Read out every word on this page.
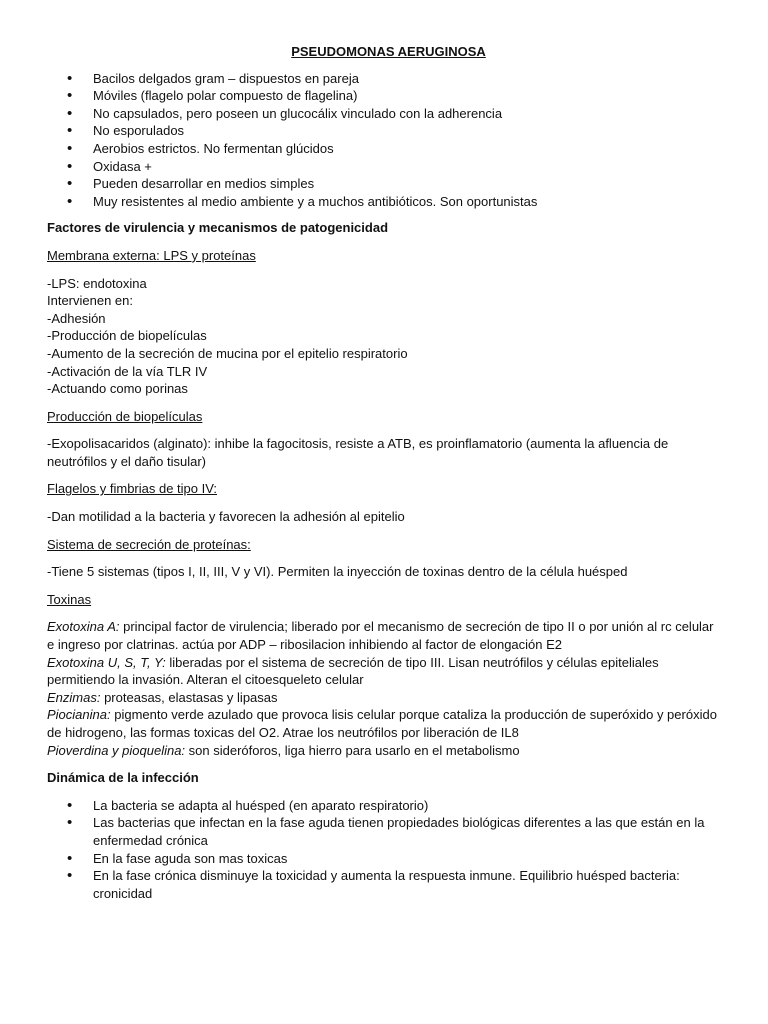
PSEUDOMONAS AERUGINOSA
• Bacilos delgados gram – dispuestos en pareja
• Móviles (flagelo polar compuesto de flagelina)
• No capsulados, pero poseen un glucocálix vinculado con la adherencia
• No esporulados
• Aerobios estrictos. No fermentan glúcidos
• Oxidasa +
• Pueden desarrollar en medios simples
• Muy resistentes al medio ambiente y a muchos antibióticos. Son oportunistas
Factores de virulencia y mecanismos de patogenicidad
Membrana externa: LPS y proteínas
-LPS: endotoxina
Intervienen en:
-Adhesión
-Producción de biopelículas
-Aumento de la secreción de mucina por el epitelio respiratorio
-Activación de la vía TLR IV
-Actuando como porinas
Producción de biopelículas
-Exopolisacaridos (alginato): inhibe la fagocitosis, resiste a ATB, es proinflamatorio (aumenta la afluencia de neutrófilos y el daño tisular)
Flagelos y fimbrias de tipo IV:
-Dan motilidad a la bacteria y favorecen la adhesión al epitelio
Sistema de secreción de proteínas:
-Tiene 5 sistemas (tipos I, II, III, V y VI). Permiten la inyección de toxinas dentro de la célula huésped
Toxinas
Exotoxina A: principal factor de virulencia; liberado por el mecanismo de secreción de tipo II o por unión al rc celular e ingreso por clatrinas. actúa por ADP – ribosilacion inhibiendo al factor de elongación E2
Exotoxina U, S, T, Y: liberadas por el sistema de secreción de tipo III. Lisan neutrófilos y células epiteliales permitiendo la invasión. Alteran el citoesqueleto celular
Enzimas: proteasas, elastasas y lipasas
Piocianina: pigmento verde azulado que provoca lisis celular porque cataliza la producción de superóxido y peróxido de hidrogeno, las formas toxicas del O2. Atrae los neutrófilos por liberación de IL8
Pioverdina y pioquelina: son sideróforos, liga hierro para usarlo en el metabolismo
Dinámica de la infección
• La bacteria se adapta al huésped (en aparato respiratorio)
• Las bacterias que infectan en la fase aguda tienen propiedades biológicas diferentes a las que están en la enfermedad crónica
• En la fase aguda son mas toxicas
• En la fase crónica disminuye la toxicidad y aumenta la respuesta inmune. Equilibrio huésped bacteria: cronicidad
